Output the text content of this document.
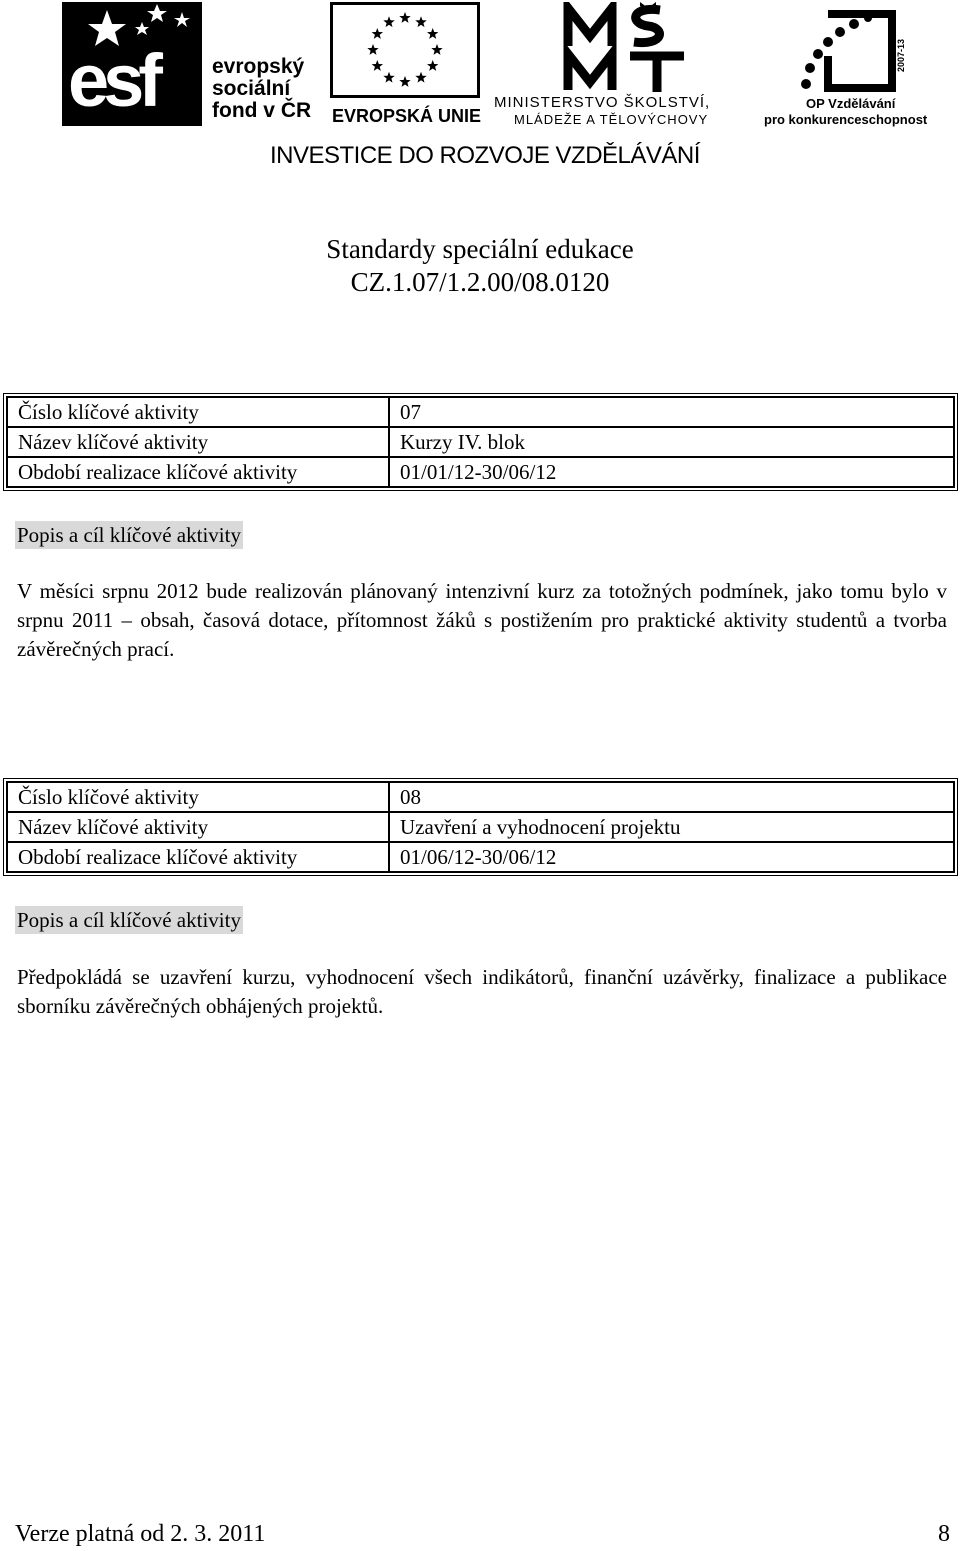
esf	evropský
sociální
fond v ČR EVROPSKÁ UNIE
MINISTERSTVO ŠKOLSTVÍ,
MLÁDEŽE A TĚLOVÝCHOVY
2007-13
OP Vzdělávání
pro konkurenceschopnost
INVESTICE DO ROZVOJE VZDĚLÁVÁNÍ
Standardy speciální edukace
CZ.1.07/1.2.00/08.0120
Číslo klíčové aktivity	07
Název klíčové aktivity	Kurzy IV. blok
Období realizace klíčové aktivity	01/01/12-30/06/12
Popis a cíl klíčové aktivity
V měsíci srpnu 2012 bude realizován plánovaný intenzivní kurz za totožných podmínek, jako tomu bylo v srpnu 2011 – obsah, časová dotace, přítomnost žáků s postižením pro praktické aktivity studentů a tvorba závěrečných prací.
Číslo klíčové aktivity	08
Název klíčové aktivity	Uzavření a vyhodnocení projektu
Období realizace klíčové aktivity	01/06/12-30/06/12
Popis a cíl klíčové aktivity
Předpokládá se uzavření kurzu, vyhodnocení všech indikátorů, finanční uzávěrky, finalizace a publikace sborníku závěrečných obhájených projektů.
Verze platná od 2. 3. 2011	8
